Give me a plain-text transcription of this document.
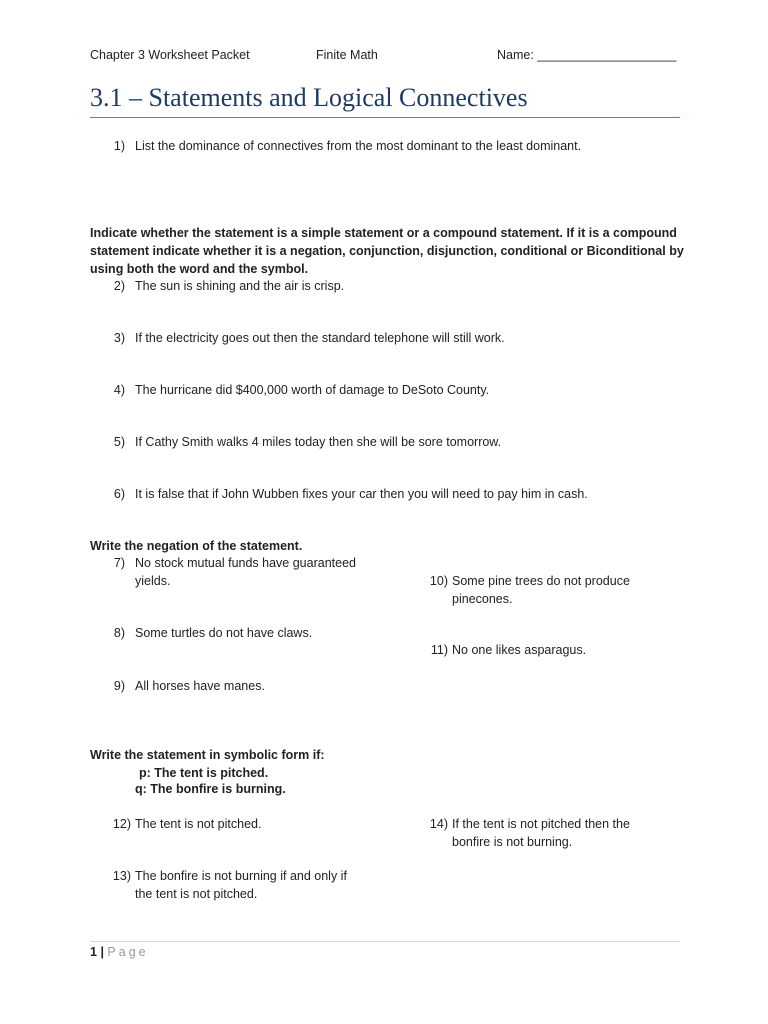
Chapter 3 Worksheet Packet	Finite Math	Name: ____________________
3.1 – Statements and Logical Connectives
1) List the dominance of connectives from the most dominant to the least dominant.
Indicate whether the statement is a simple statement or a compound statement. If it is a compound
statement indicate whether it is a negation, conjunction, disjunction, conditional or Biconditional by
using both the word and the symbol.
2) The sun is shining and the air is crisp.
3) If the electricity goes out then the standard telephone will still work.
4) The hurricane did $400,000 worth of damage to DeSoto County.
5) If Cathy Smith walks 4 miles today then she will be sore tomorrow.
6) It is false that if John Wubben fixes your car then you will need to pay him in cash.
Write the negation of the statement.
7) No stock mutual funds have guaranteed
yields.
8) Some turtles do not have claws.
9) All horses have manes.
10) Some pine trees do not produce
pinecones.
11) No one likes asparagus.
Write the statement in symbolic form if:
p: The tent is pitched.
q: The bonfire is burning.
12) The tent is not pitched.
13) The bonfire is not burning if and only if
the tent is not pitched.
14) If the tent is not pitched then the
bonfire is not burning.
1 | Page
